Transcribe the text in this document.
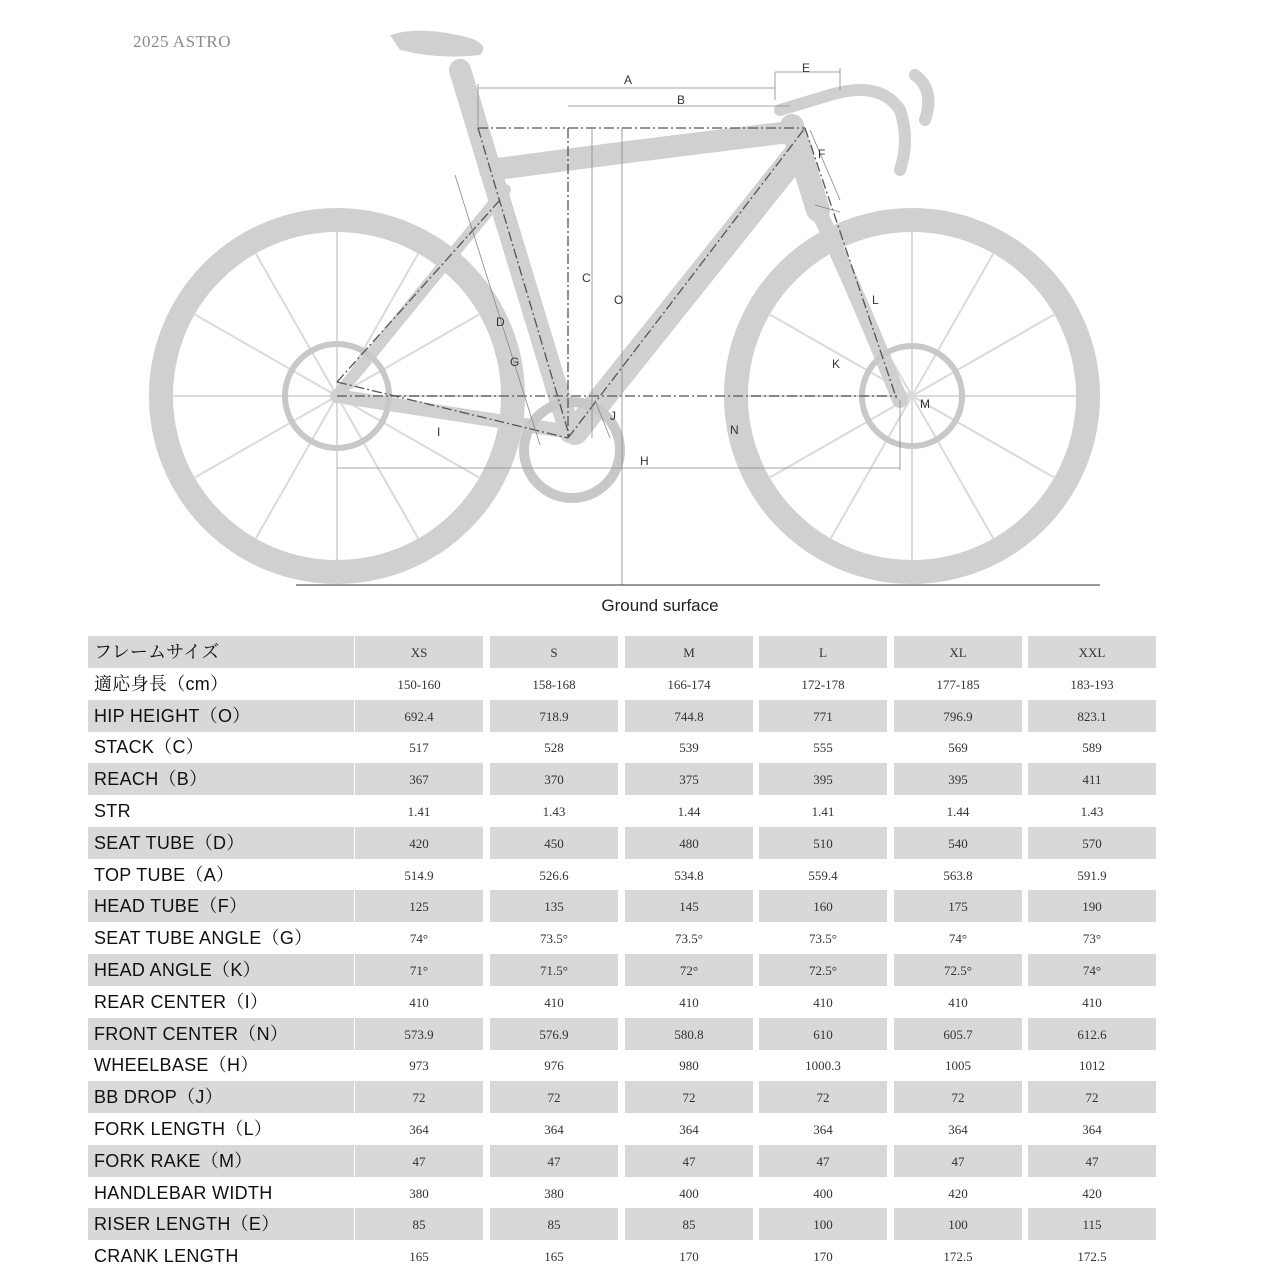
2025 ASTRO
A
B
C
D
E
F
G
H
I
J
K
L
M
N
O
Ground surface
フレームサイズ	XS	S	M	L	XL	XXL
適応身長（cm）	150-160	158-168	166-174	172-178	177-185	183-193
HIP HEIGHT（O）	692.4	718.9	744.8	771	796.9	823.1
STACK（C）	517	528	539	555	569	589
REACH（B）	367	370	375	395	395	411
STR	1.41	1.43	1.44	1.41	1.44	1.43
SEAT TUBE（D）	420	450	480	510	540	570
TOP TUBE（A）	514.9	526.6	534.8	559.4	563.8	591.9
HEAD TUBE（F）	125	135	145	160	175	190
SEAT TUBE ANGLE（G）	74°	73.5°	73.5°	73.5°	74°	73°
HEAD ANGLE（K）	71°	71.5°	72°	72.5°	72.5°	74°
REAR CENTER（I）	410	410	410	410	410	410
FRONT CENTER（N）	573.9	576.9	580.8	610	605.7	612.6
WHEELBASE（H）	973	976	980	1000.3	1005	1012
BB DROP（J）	72	72	72	72	72	72
FORK LENGTH（L）	364	364	364	364	364	364
FORK RAKE（M）	47	47	47	47	47	47
HANDLEBAR WIDTH	380	380	400	400	420	420
RISER LENGTH（E）	85	85	85	100	100	115
CRANK LENGTH	165	165	170	170	172.5	172.5
